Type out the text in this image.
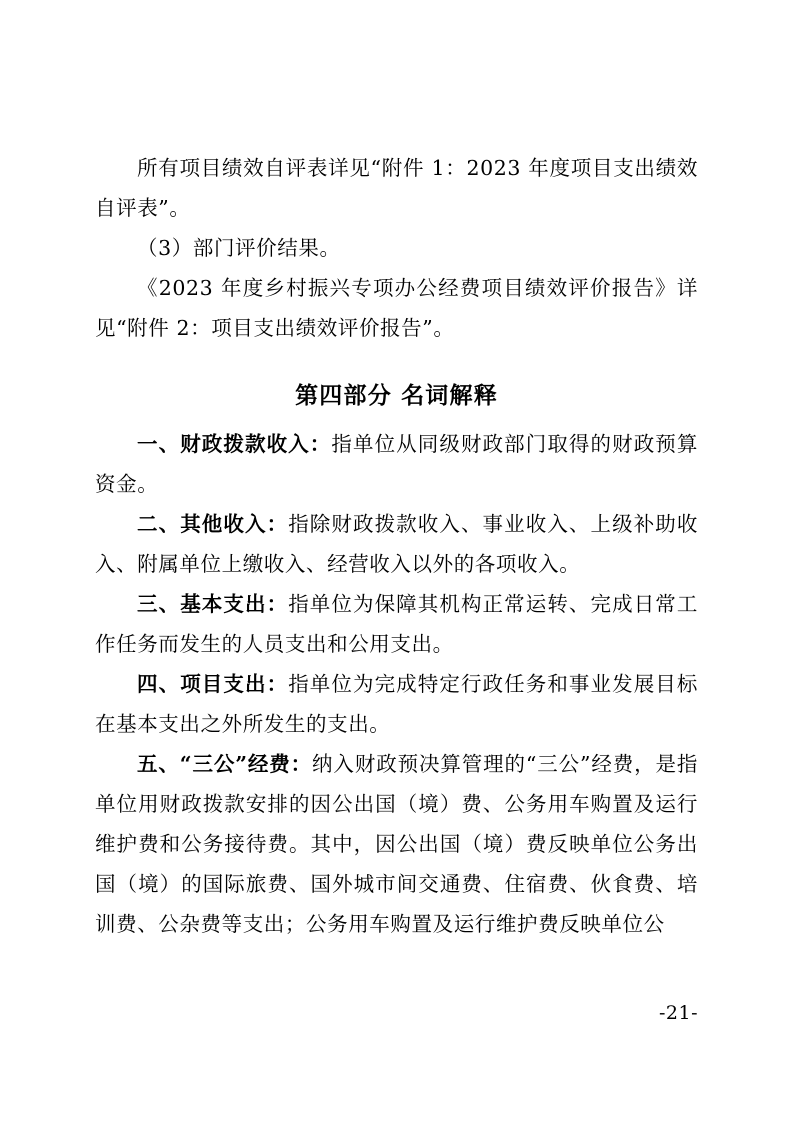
所有项目绩效自评表详见“附件 1：2023 年度项目支出绩效自评表”。

（3）部门评价结果。

《2023 年度乡村振兴专项办公经费项目绩效评价报告》详见“附件 2：项目支出绩效评价报告”。

第四部分 名词解释

一、财政拨款收入：指单位从同级财政部门取得的财政预算资金。

二、其他收入：指除财政拨款收入、事业收入、上级补助收入、附属单位上缴收入、经营收入以外的各项收入。

三、基本支出：指单位为保障其机构正常运转、完成日常工作任务而发生的人员支出和公用支出。

四、项目支出：指单位为完成特定行政任务和事业发展目标在基本支出之外所发生的支出。

五、“三公”经费：纳入财政预决算管理的“三公”经费，是指单位用财政拨款安排的因公出国（境）费、公务用车购置及运行维护费和公务接待费。其中，因公出国（境）费反映单位公务出国（境）的国际旅费、国外城市间交通费、住宿费、伙食费、培训费、公杂费等支出；公务用车购置及运行维护费反映单位公

-21-
